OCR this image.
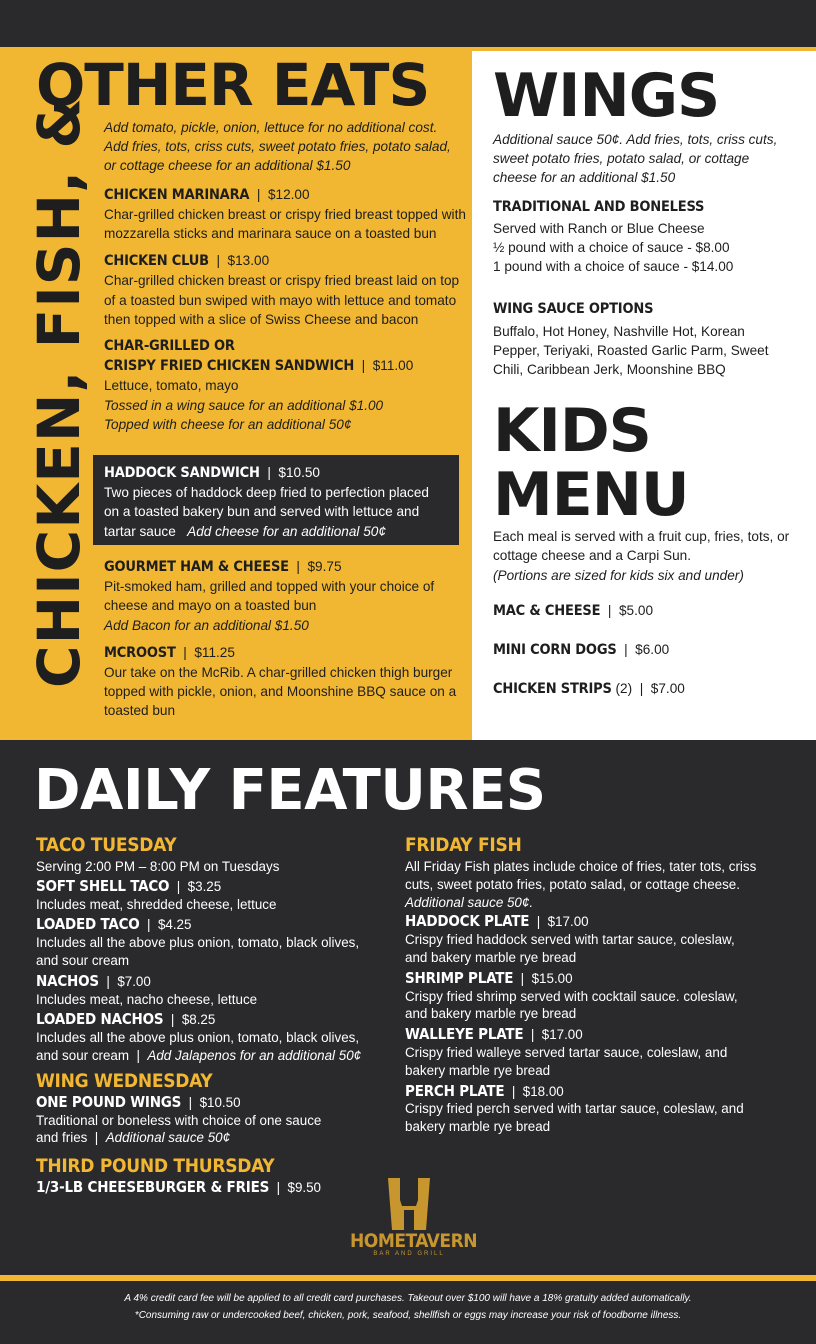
CHICKEN, FISH, &
OTHER EATS
Add tomato, pickle, onion, lettuce for no additional cost.
Add fries, tots, criss cuts, sweet potato fries, potato salad, or cottage cheese for an additional $1.50
CHICKEN MARINARA  |  $12.00
Char-grilled chicken breast or crispy fried breast topped with mozzarella sticks and marinara sauce on a toasted bun
CHICKEN CLUB  |  $13.00
Char-grilled chicken breast or crispy fried breast laid on top of a toasted bun swiped with mayo with lettuce and tomato then topped with a slice of Swiss Cheese and bacon
CHAR-GRILLED OR
CRISPY FRIED CHICKEN SANDWICH  |  $11.00
Lettuce, tomato, mayo
Tossed in a wing sauce for an additional $1.00
Topped with cheese for an additional 50¢
GOURMET HAM & CHEESE  |  $9.75
Pit-smoked ham, grilled and topped with your choice of cheese and mayo on a toasted bun
Add Bacon for an additional $1.50
MCROOST  |  $11.25
Our take on the McRib. A char-grilled chicken thigh burger topped with pickle, onion, and Moonshine BBQ sauce on a toasted bun
HADDOCK SANDWICH  |  $10.50
Two pieces of haddock deep fried to perfection placed on a toasted bakery bun and served with lettuce and tartar sauce Add cheese for an additional 50¢
WINGS
Additional sauce 50¢. Add fries, tots, criss cuts, sweet potato fries, potato salad, or cottage cheese for an additional $1.50
TRADITIONAL AND BONELESS
Served with Ranch or Blue Cheese
½ pound with a choice of sauce - $8.00
1 pound with a choice of sauce - $14.00
WING SAUCE OPTIONS
Buffalo, Hot Honey, Nashville Hot, Korean Pepper, Teriyaki, Roasted Garlic Parm, Sweet Chili, Caribbean Jerk, Moonshine BBQ
KIDS
MENU
Each meal is served with a fruit cup, fries, tots, or cottage cheese and a Carpi Sun.
(Portions are sized for kids six and under)
MAC & CHEESE  |  $5.00
MINI CORN DOGS  |  $6.00
CHICKEN STRIPS (2)  |  $7.00
DAILY FEATURES
TACO TUESDAY
Serving 2:00 PM – 8:00 PM on Tuesdays
SOFT SHELL TACO  |  $3.25
Includes meat, shredded cheese, lettuce
LOADED TACO  |  $4.25
Includes all the above plus onion, tomato, black olives, and sour cream
NACHOS  |  $7.00
Includes meat, nacho cheese, lettuce
LOADED NACHOS  |  $8.25
Includes all the above plus onion, tomato, black olives, and sour cream  |  Add Jalapenos for an additional 50¢
WING WEDNESDAY
ONE POUND WINGS  |  $10.50
Traditional or boneless with choice of one sauce and fries  |  Additional sauce 50¢
THIRD POUND THURSDAY
1/3-LB CHEESEBURGER & FRIES  |  $9.50
FRIDAY FISH
All Friday Fish plates include choice of fries, tater tots, criss cuts, sweet potato fries, potato salad, or cottage cheese.
Additional sauce 50¢.
HADDOCK PLATE  |  $17.00
Crispy fried haddock served with tartar sauce, coleslaw, and bakery marble rye bread
SHRIMP PLATE  |  $15.00
Crispy fried shrimp served with cocktail sauce. coleslaw, and bakery marble rye bread
WALLEYE PLATE  |  $17.00
Crispy fried walleye served tartar sauce, coleslaw, and bakery marble rye bread
PERCH PLATE  |  $18.00
Crispy fried perch served with tartar sauce, coleslaw, and bakery marble rye bread
HOMETAVERN
BAR AND GRILL
A 4% credit card fee will be applied to all credit card purchases. Takeout over $100 will have a 18% gratuity added automatically.
*Consuming raw or undercooked beef, chicken, pork, seafood, shellfish or eggs may increase your risk of foodborne illness.
